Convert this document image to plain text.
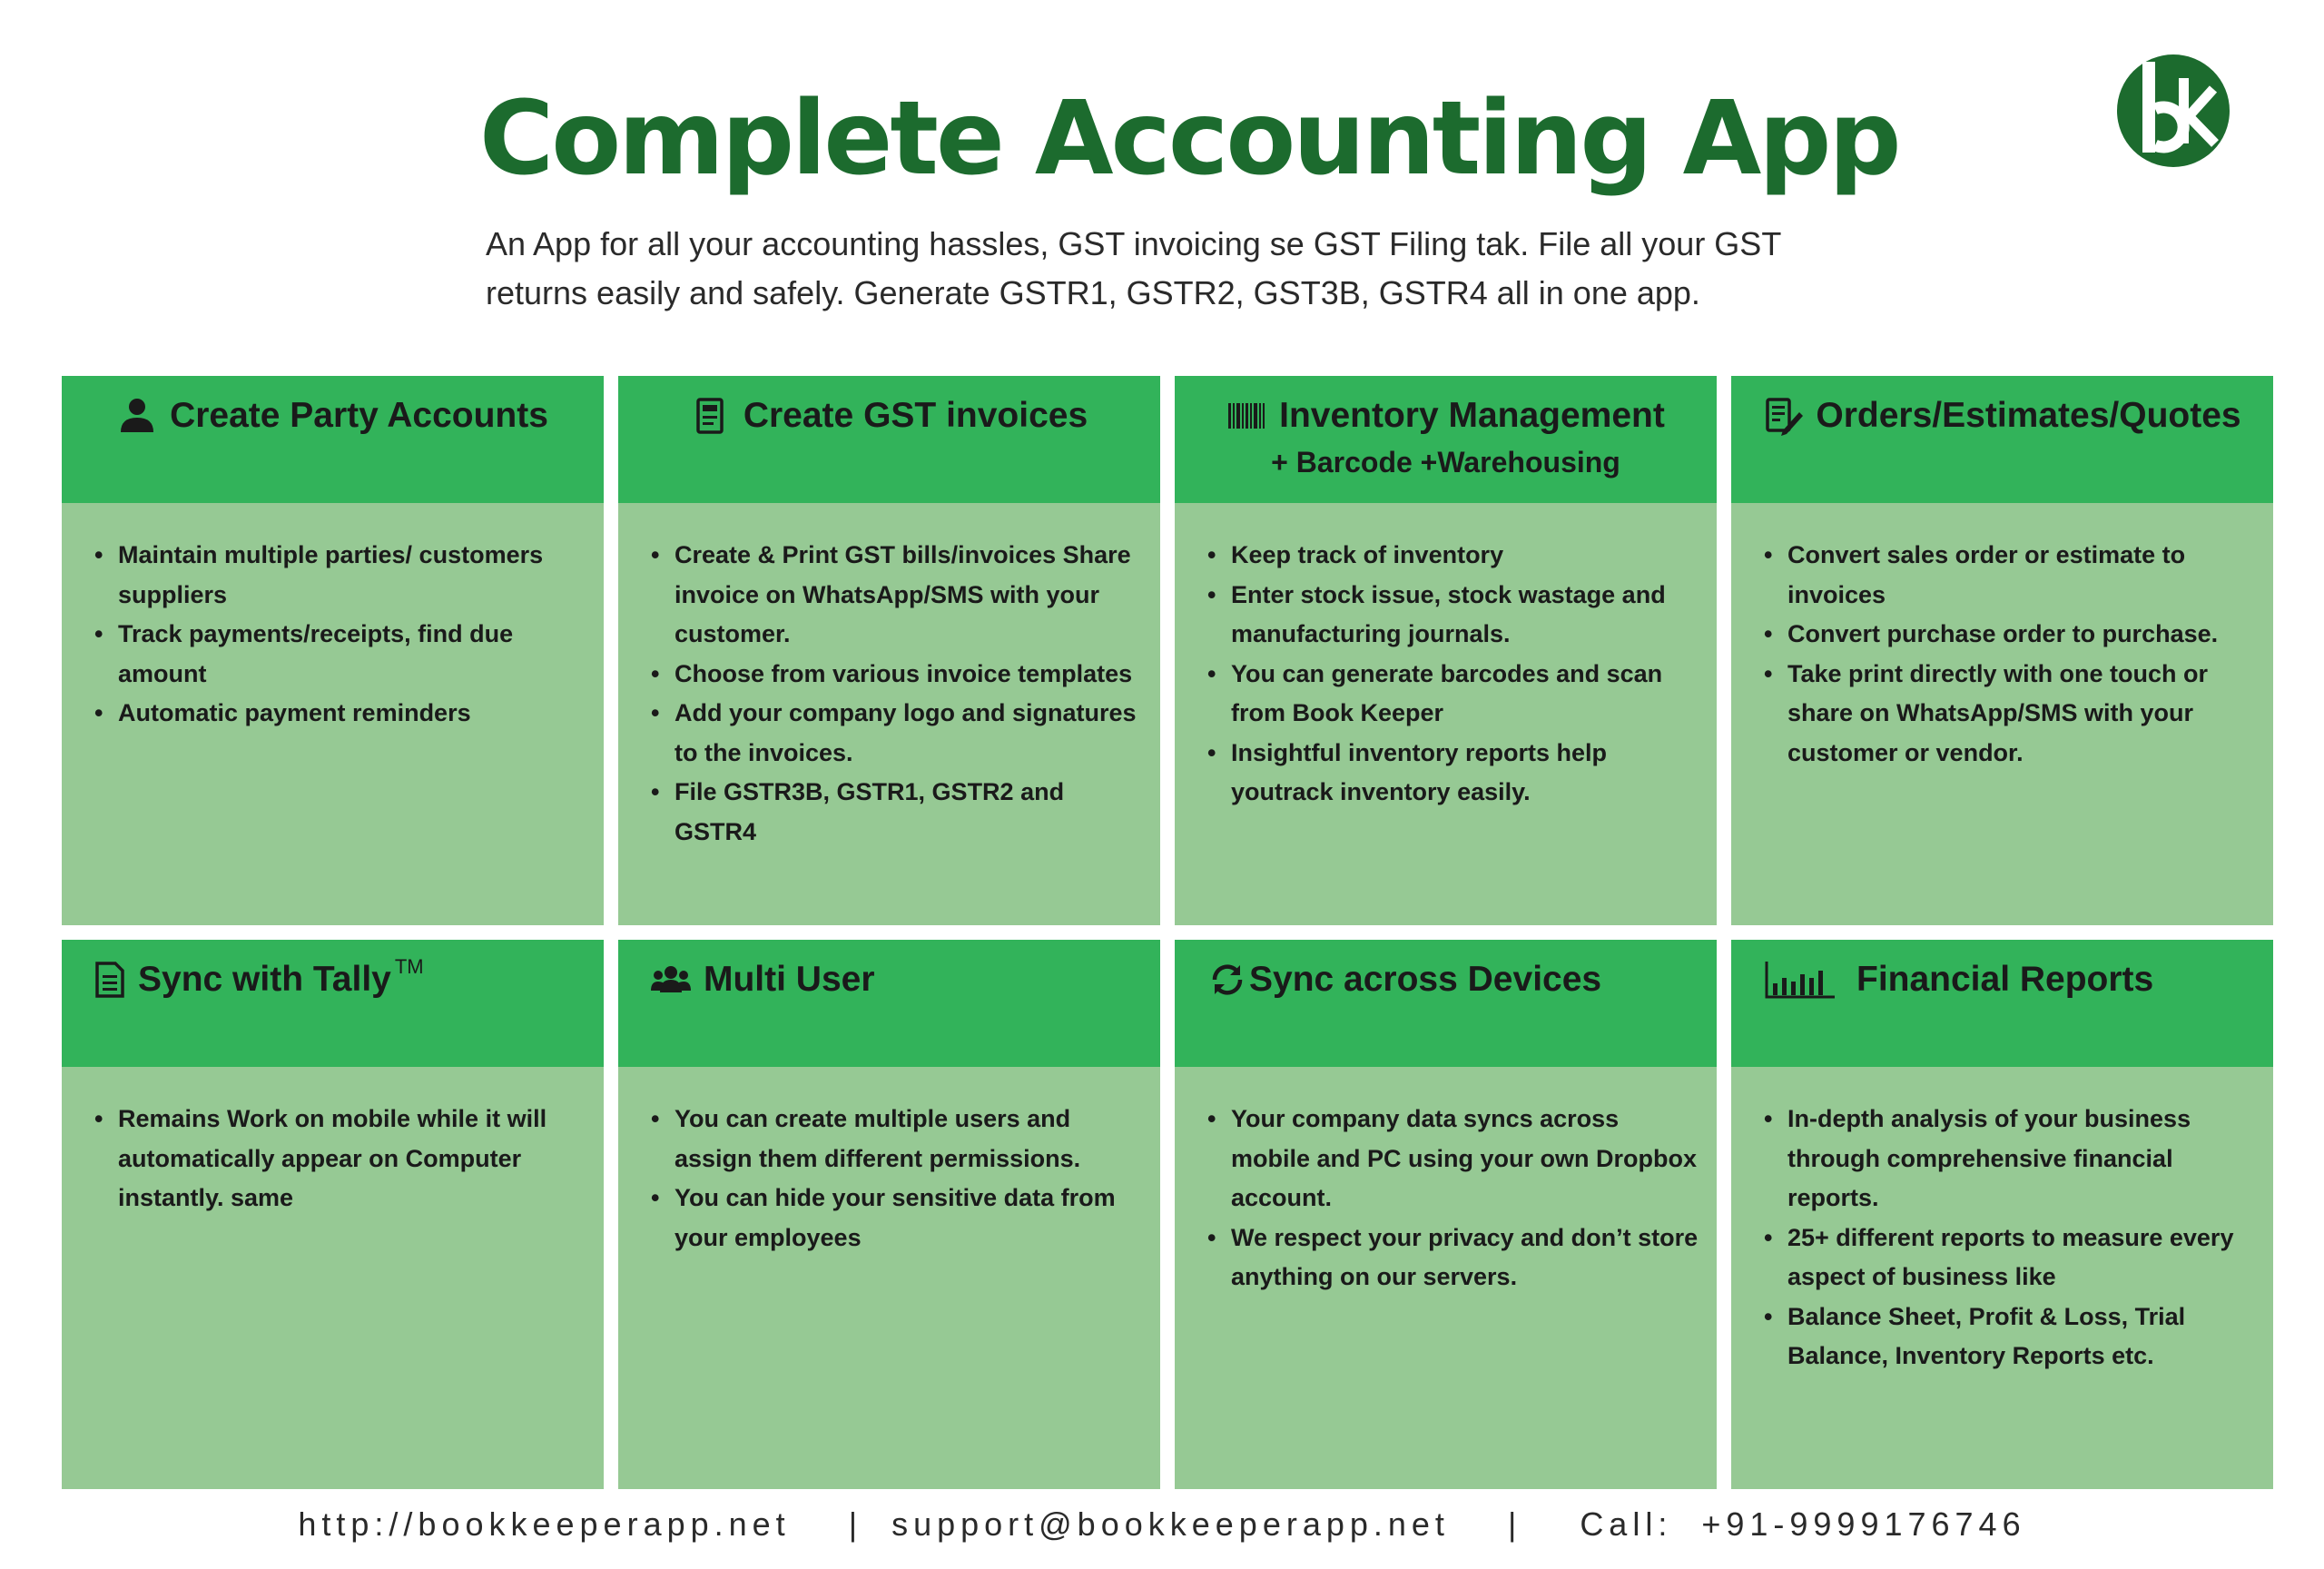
Complete Accounting App

An App for all your accounting hassles, GST invoicing se GST Filing tak. File all your GST returns easily and safely. Generate GSTR1, GSTR2, GST3B, GSTR4 all in one app.

Create Party Accounts
• Maintain multiple parties/ customers suppliers
• Track payments/receipts, find due amount
• Automatic payment reminders
Create GST invoices
• Create & Print GST bills/invoices Share invoice on WhatsApp/SMS with your customer.
• Choose from various invoice templates
• Add your company logo and signatures to the invoices.
• File GSTR3B, GSTR1, GSTR2 and GSTR4
Inventory Management
+ Barcode +Warehousing
• Keep track of inventory
• Enter stock issue, stock wastage and manufacturing journals.
• You can generate barcodes and scan from Book Keeper
• Insightful inventory reports help youtrack inventory easily.
Orders/Estimates/Quotes
• Convert sales order or estimate to invoices
• Convert purchase order to purchase.
• Take print directly with one touch or share on WhatsApp/SMS with your customer or vendor.
Sync with Tally TM
• Remains Work on mobile while it will automatically appear on Computer instantly. same
Multi User
• You can create multiple users and assign them different permissions.
• You can hide your sensitive data from your employees
Sync across Devices
• Your company data syncs across mobile and PC using your own Dropbox account.
• We respect your privacy and don’t store anything on our servers.
Financial Reports
• In-depth analysis of your business through comprehensive financial reports.
• 25+ different reports to measure every aspect of business like
• Balance Sheet, Profit & Loss, Trial Balance, Inventory Reports etc.
http://bookkeeperapp.net    |  support@bookkeeperapp.net    |    Call:  +91-9999176746
